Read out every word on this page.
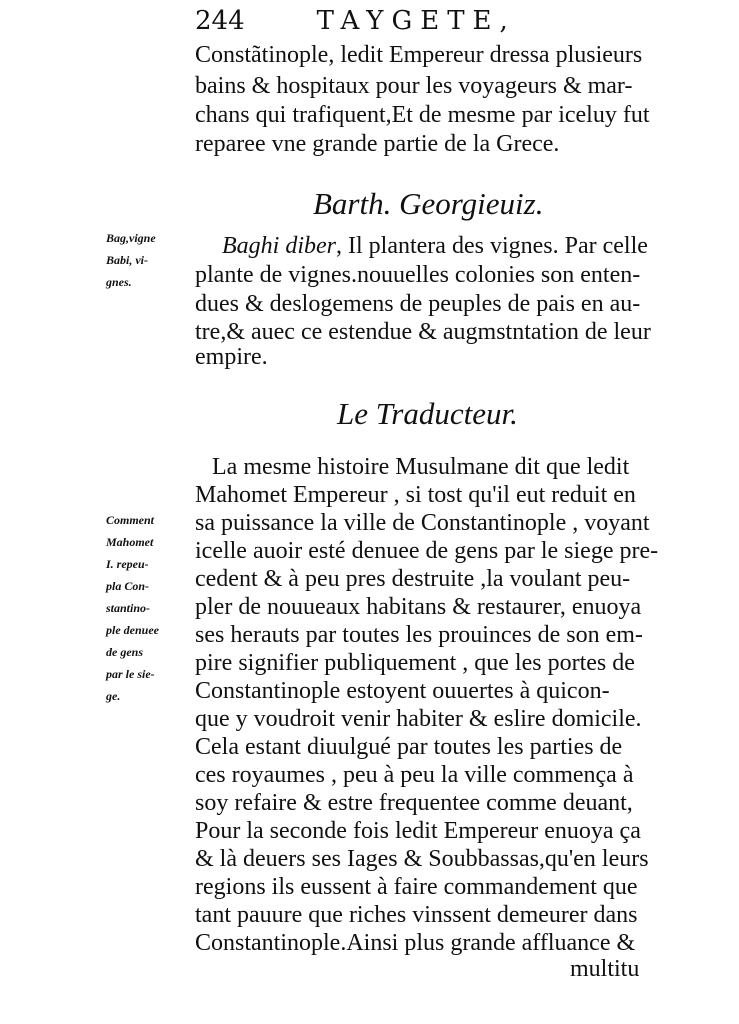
244	TAYGETE,
Constãtinople, ledit Empereur dressa plusieurs
bains & hospitaux pour les voyageurs & mar-
chans qui trafiquent,Et de mesme par iceluy fut
reparee vne grande partie de la Grece.
Barth. Georgieuiz.
Bag,vigne
Babi, vi-
gnes.
Baghi diber, Il plantera des vignes. Par celle
plante de vignes.nouuelles colonies son enten-
dues & deslogemens de peuples de pais en au-
tre,& auec ce estendue & augmstntation de leur
empire.
Le Traducteur.
Comment
Mahomet
I. repeu-
pla Con-
stantino-
ple denuee
de gens
par le sie-
ge.
La mesme histoire Musulmane dit que ledit
Mahomet Empereur , si tost qu'il eut reduit en
sa puissance la ville de Constantinople , voyant
icelle auoir esté denuee de gens par le siege pre-
cedent & à peu pres destruite ,la voulant peu-
pler de nouueaux habitans & restaurer, enuoya
ses herauts par toutes les prouinces de son em-
pire signifier publiquement , que les portes de
Constantinople estoyent ouuertes à quicon-
que y voudroit venir habiter & eslire domicile.
Cela estant diuulgué par toutes les parties de
ces royaumes , peu à peu la ville commença à
soy refaire & estre frequentee comme deuant,
Pour la seconde fois ledit Empereur enuoya ça
& là deuers ses Iages & Soubbassas,qu'en leurs
regions ils eussent à faire commandement que
tant pauure que riches vinssent demeurer dans
Constantinople.Ainsi plus grande affluance &
multitu
